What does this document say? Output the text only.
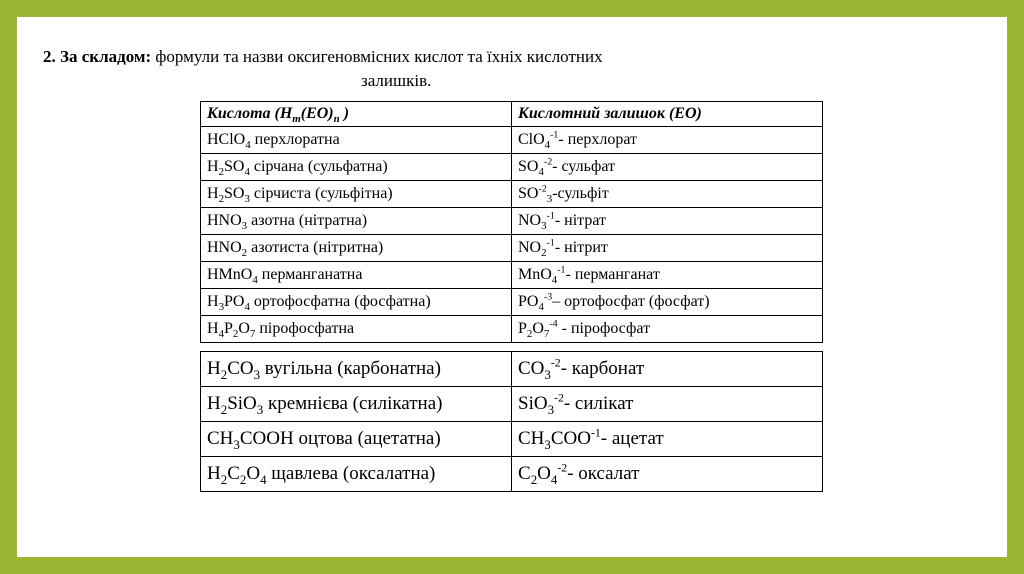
2. За складом: формули та назви оксигеновмісних кислот та їхніх кислотних
залишків.
Кислота ($H_m(EO)_n$ )	Кислотний залишок (EO)
HClO$_4$ перхлоратна	ClO$_4^{-1}$- перхлорат
$H_2SO_4$ сірчана (сульфатна)	$SO_4^{-2}-$ сульфат
$H_2SO_3$ сірчиста (сульфітна)	$SO^{-2}_3$-сульфіт
$HNO_3$ азотна (нітратна)	$NO_3^{-1}-$ нітрат
$HNO_2$ азотиста (нітритна)	$NO_2^{-1}-$ нітрит
HMnO$_4$ перманганатна	MnO$_4^{-1}$- перманганат
$H_3PO_4$ ортофосфатна (фосфатна)	$PO_4^{-3}-$ ортофосфат (фосфат)
$H_4P_2O_7$ пірофосфатна	$P_2O_7^{-4}$ - пірофосфат
$H_2CO_3$ вугільна (карбонатна)	$CO_3^{-2}-$ карбонат
$H_2SiO_3$ кремнієва (силікатна)	SiO$_3^{-2}$- силікат
$CH_3COOH$ оцтова (ацетатна)	$CH_3COO^{-1}-$ ацетат
$H_2C_2O_4$ щавлева (оксалатна)	$C_2O_4^{-2}-$ оксалат
